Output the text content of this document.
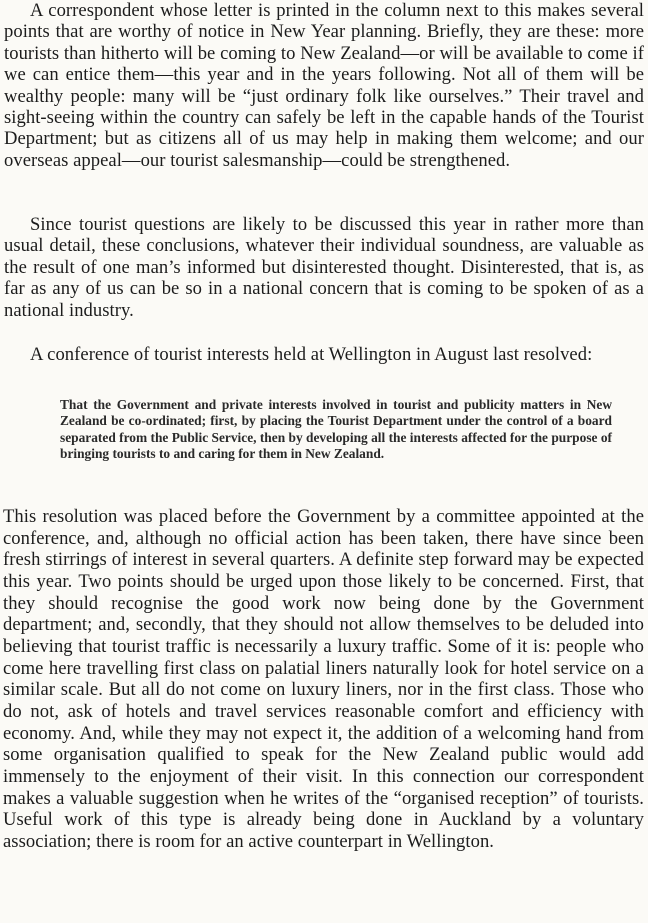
A correspondent whose letter is printed in the column next to this makes several points that are worthy of notice in New Year planning. Briefly, they are these: more tourists than hitherto will be coming to New Zealand—or will be available to come if we can entice them—this year and in the years following. Not all of them will be wealthy people: many will be “just ordinary folk like ourselves.” Their travel and sight-seeing within the country can safely be left in the capable hands of the Tourist Department; but as citizens all of us may help in making them welcome; and our overseas appeal—our tourist salesmanship—could be strengthened.

Since tourist questions are likely to be discussed this year in rather more than usual detail, these conclusions, whatever their individual soundness, are valuable as the result of one man’s informed but disinterested thought. Disinterested, that is, as far as any of us can be so in a national concern that is coming to be spoken of as a national industry.

A conference of tourist interests held at Wellington in August last resolved:

That the Government and private interests involved in tourist and publicity matters in New Zealand be co-ordinated; first, by placing the Tourist Department under the control of a board separated from the Public Service, then by developing all the interests affected for the purpose of bringing tourists to and caring for them in New Zealand.

This resolution was placed before the Government by a committee appointed at the conference, and, although no official action has been taken, there have since been fresh stirrings of interest in several quarters. A definite step forward may be expected this year. Two points should be urged upon those likely to be concerned. First, that they should recognise the good work now being done by the Government department; and, secondly, that they should not allow themselves to be deluded into believing that tourist traffic is necessarily a luxury traffic. Some of it is: people who come here travelling first class on palatial liners naturally look for hotel service on a similar scale. But all do not come on luxury liners, nor in the first class. Those who do not, ask of hotels and travel services reasonable comfort and efficiency with economy. And, while they may not expect it, the addition of a welcoming hand from some organisation qualified to speak for the New Zealand public would add immensely to the enjoyment of their visit. In this connection our correspondent makes a valuable suggestion when he writes of the “organised reception” of tourists. Useful work of this type is already being done in Auckland by a voluntary association; there is room for an active counterpart in Wellington.
